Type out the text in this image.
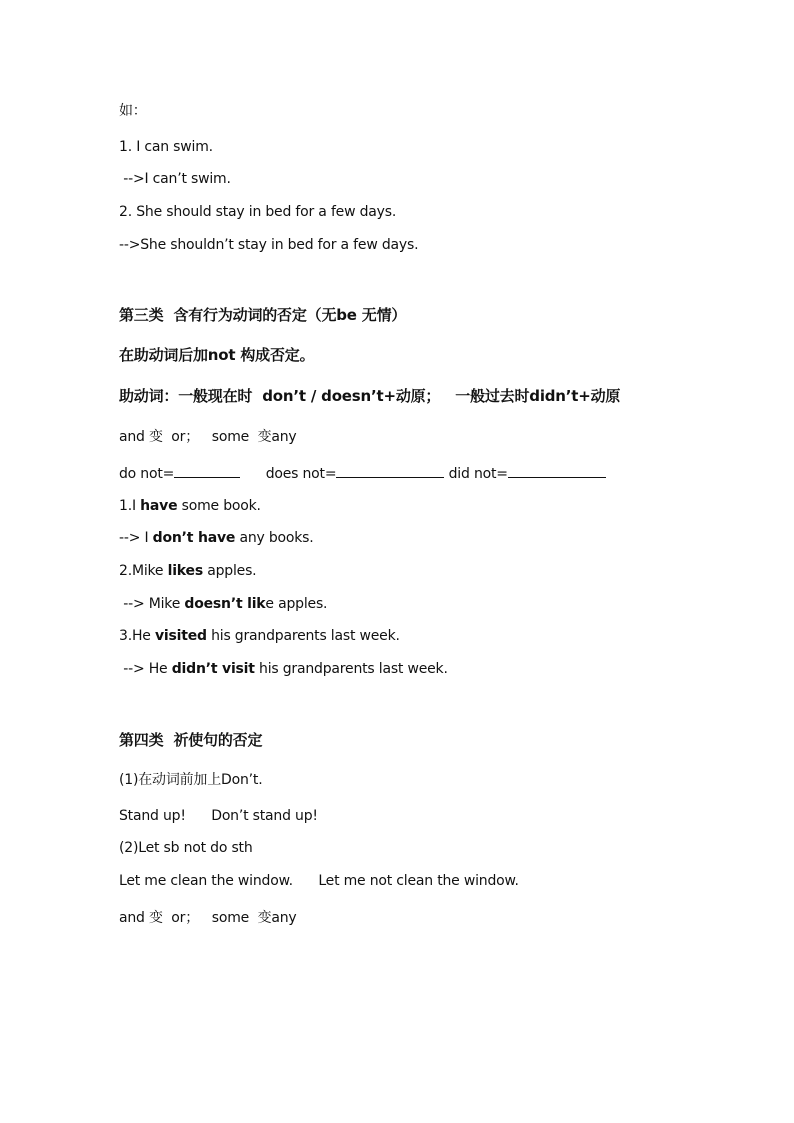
如：
1. I can swim.
-->I can’t swim.
2. She should stay in bed for a few days.
-->She shouldn’t stay in bed for a few days.
第三类  含有行为动词的否定（无be 无情）
在助动词后加not 构成否定。
助动词：一般现在时  don’t / doesn’t+动原；   一般过去时didn’t+动原
and 变  or；   some  变any
do not=	does not=	did not=
1.I have some book.
--> I don’t have any books.
2.Mike likes apples.
--> Mike doesn’t like apples.
3.He visited his grandparents last week.
--> He didn’t visit his grandparents last week.
第四类  祈使句的否定
(1)在动词前加上Don’t.
Stand up!      Don’t stand up!
(2)Let sb not do sth
Let me clean the window.      Let me not clean the window.
and 变  or；   some  变any
